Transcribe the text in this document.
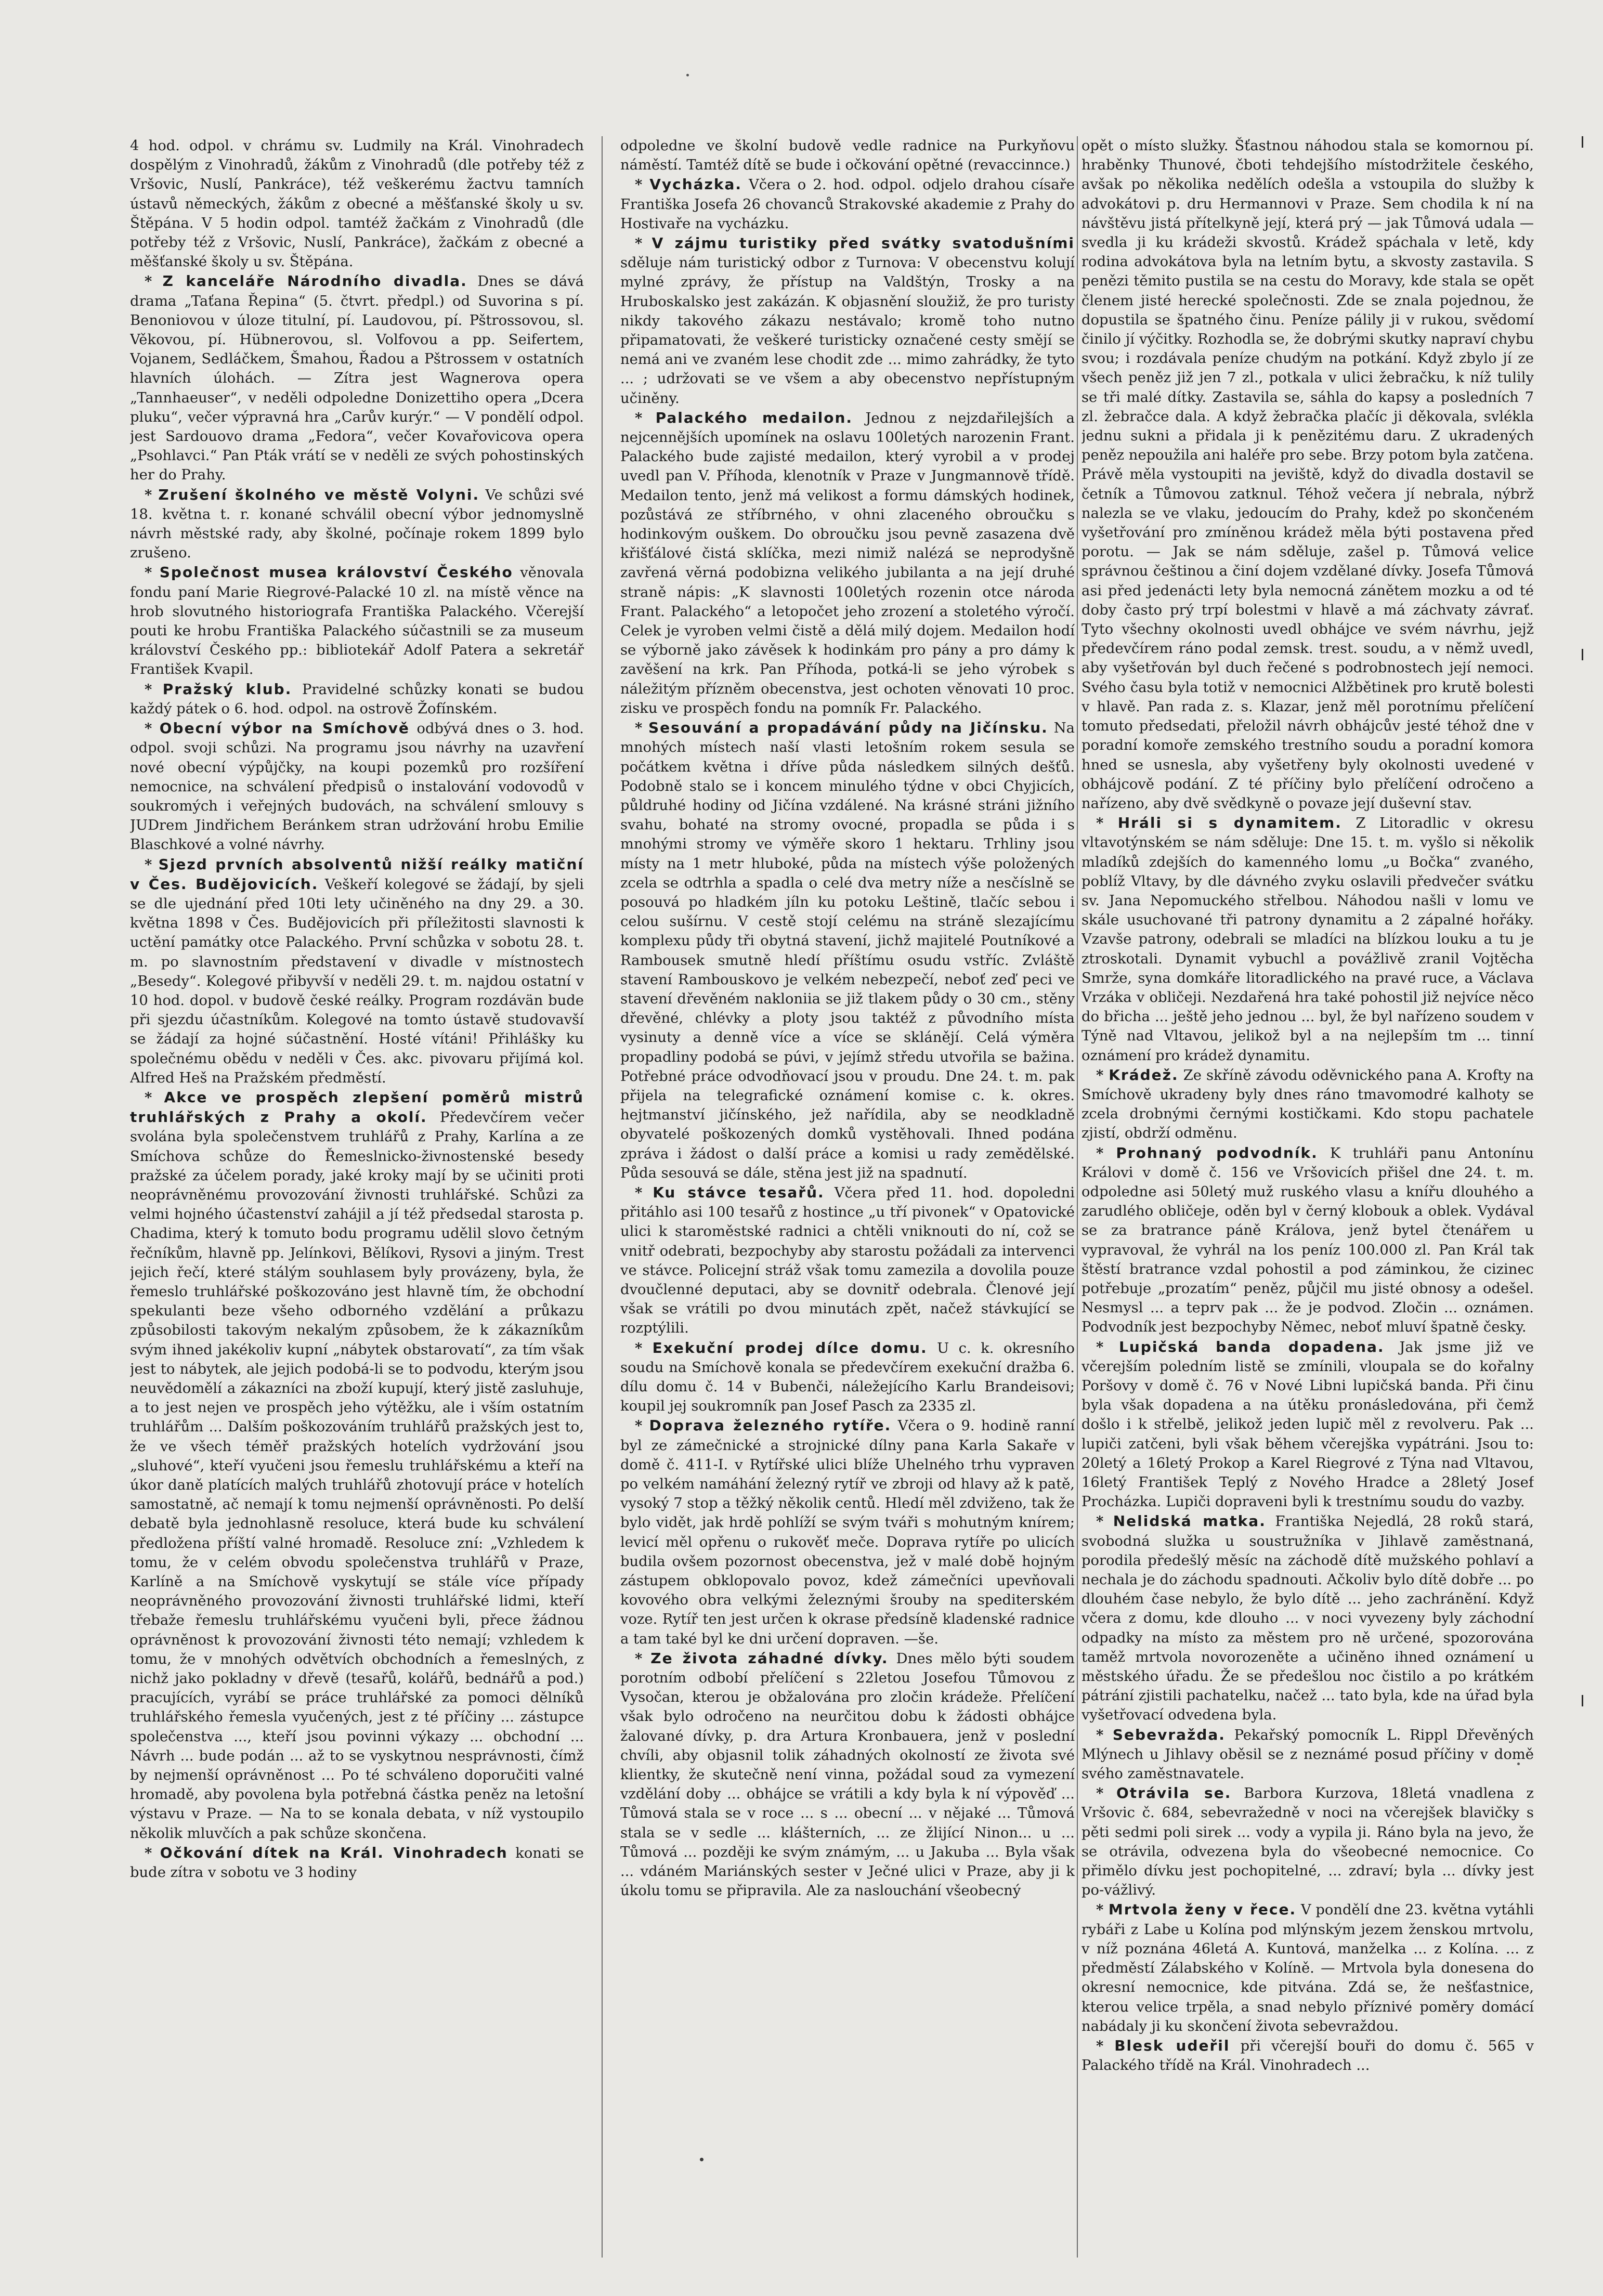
4 hod. odpol. v chrámu sv. Ludmily na Král. Vinohradech dospělým z Vinohradů, žákům z Vinohradů (dle potřeby též z Vršovic, Nuslí, Pankráce), též veškerému žactvu tamních ústavů německých, žákům z obecné a měšťanské školy u sv. Štěpána. V 5 hodin odpol. tamtéž žačkám z Vinohradů (dle potřeby též z Vršovic, Nuslí, Pankráce), žačkám z obecné a měšťanské školy u sv. Štěpána.

* Z kanceláře Národního divadla. Dnes se dává drama „Taťana Řepina“ (5. čtvrt. předpl.) od Suvorina s pí. Benoniovou v úloze titulní, pí. Laudovou, pí. Pštrossovou, sl. Věkovou, pí. Hübnerovou, sl. Volfovou a pp. Seifertem, Vojanem, Sedláčkem, Šmahou, Řadou a Pštrossem v ostatních hlavních úlohách. — Zítra jest Wagnerova opera „Tannhaeuser“, v neděli odpoledne Donizettiho opera „Dcera pluku“, večer výpravná hra „Carův kurýr.“ — V pondělí odpol. jest Sardouovo drama „Fedora“, večer Kovařovicova opera „Psohlavci.“ Pan Pták vrátí se v neděli ze svých pohostinských her do Prahy.

* Zrušení školného ve městě Volyni. Ve schůzi své 18. května t. r. konané schválil obecní výbor jednomyslně návrh městské rady, aby školné, počínaje rokem 1899 bylo zrušeno.

* Společnost musea království Českého věnovala fondu paní Marie Riegrové-Palacké 10 zl. na místě věnce na hrob slovutného historiografa Františka Palackého. Včerejší pouti ke hrobu Františka Palackého súčastnili se za museum království Českého pp.: bibliotekář Adolf Patera a sekretář František Kvapil.

* Pražský klub. Pravidelné schůzky konati se budou každý pátek o 6. hod. odpol. na ostrově Žofínském.

* Obecní výbor na Smíchově odbývá dnes o 3. hod. odpol. svoji schůzi. Na programu jsou návrhy na uzavření nové obecní výpůjčky, na koupi pozemků pro rozšíření nemocnice, na schválení předpisů o instalování vodovodů v soukromých i veřejných budovách, na schválení smlouvy s JUDrem Jindřichem Beránkem stran udržování hrobu Emilie Blaschkové a volné návrhy.

* Sjezd prvních absolventů nižší reálky matiční v Čes. Budějovicích. Veškeří kolegové se žádají, by sjeli se dle ujednání před 10ti lety učiněného na dny 29. a 30. května 1898 v Čes. Budějovicích při příležitosti slavnosti k uctění památky otce Palackého. První schůzka v sobotu 28. t. m. po slavnostním představení v divadle v místnostech „Besedy“. Kolegové přibyvší v neděli 29. t. m. najdou ostatní v 10 hod. dopol. v budově české reálky. Program rozdávän bude při sjezdu účastníkům. Kolegové na tomto ústavě studovavší se žádají za hojné súčastnění. Hosté vítáni! Přihlášky ku společnému obědu v neděli v Čes. akc. pivovaru přijímá kol. Alfred Heš na Pražském předměstí.

* Akce ve prospěch zlepšení poměrů mistrů truhlářských z Prahy a okolí. Předevčírem večer svolána byla společenstvem truhlářů z Prahy, Karlína a ze Smíchova schůze do Řemeslnicko-živnostenské besedy pražské za účelem porady, jaké kroky mají by se učiniti proti neoprávněnému provozování živnosti truhlářské. Schůzi za velmi hojného účastenství zahájil a jí též předsedal starosta p. Chadima, který k tomuto bodu programu udělil slovo četným řečníkům, hlavně pp. Jelínkovi, Bělíkovi, Rysovi a jiným. Trest jejich řečí, které stálým souhlasem byly provázeny, byla, že řemeslo truhlářské poškozováno jest hlavně tím, že obchodní spekulanti beze všeho odborného vzdělání a průkazu způsobilosti takovým nekalým způsobem, že k zákazníkům svým ihned jakékoliv kupní „nábytek obstarovatí“, za tím však jest to nábytek, ale jejich podobá-li se to podvodu, kterým jsou neuvědomělí a zákazníci na zboží kupují, který jistě zasluhuje, a to jest nejen ve prospěch jeho výtěžku, ale i vším ostatním truhlářům ... Dalším poškozováním truhlářů pražských jest to, že ve všech téměř pražských hotelích vydržování jsou „sluhové“, kteří vyučeni jsou řemeslu truhlářskému a kteří na úkor daně platících malých truhlářů zhotovují práce v hotelích samostatně, ač nemají k tomu nejmenší oprávněnosti. Po delší debatě byla jednohlasně resoluce, která bude ku schválení předložena příští valné hromadě. Resoluce zní: „Vzhledem k tomu, že v celém obvodu společenstva truhlářů v Praze, Karlíně a na Smíchově vyskytují se stále více případy neoprávněného provozování živnosti truhlářské lidmi, kteří třebaže řemeslu truhlářskému vyučeni byli, přece žádnou oprávněnost k provozování živnosti této nemají; vzhledem k tomu, že v mnohých odvětvích obchodních a řemeslných, z nichž jako pokladny v dřevě (tesařů, kolářů, bednářů a pod.) pracujících, vyrábí se práce truhlářské za pomoci dělníků truhlářského řemesla vyučených, jest z té příčiny ... zástupce společenstva ..., kteří jsou povinni výkazy ... obchodní ... Návrh ... bude podán ... až to se vyskytnou nesprávnosti, čímž by nejmenší oprávněnost ... Po té schváleno doporučiti valné hromadě, aby povolena byla potřebná částka peněz na letošní výstavu v Praze. — Na to se konala debata, v níž vystoupilo několik mluvčích a pak schůze skončena.

* Očkování dítek na Král. Vinohradech konati se bude zítra v sobotu ve 3 hodiny

odpoledne ve školní budově vedle radnice na Purkyňovu náměstí. Tamtéž dítě se bude i očkování opětné (revaccinnce.)

* Vycházka. Včera o 2. hod. odpol. odjelo drahou císaře Františka Josefa 26 chovanců Strakovské akademie z Prahy do Hostivaře na vycházku.

* V zájmu turistiky před svátky svatodušními sděluje nám turistický odbor z Turnova: V obecenstvu kolují mylné zprávy, že přístup na Valdštýn, Trosky a na Hruboskalsko jest zakázán. K objasnění sloužiž, že pro turisty nikdy takového zákazu nestávalo; kromě toho nutno připamatovati, že veškeré turisticky označené cesty smějí se nemá ani ve zvaném lese chodit zde ... mimo zahrádky, že tyto ... ; udržovati se ve všem a aby obecenstvo nepřístupným učiněny.

* Palackého medailon. Jednou z nejzdařilejších a nejcennějších upomínek na oslavu 100letých narozenin Frant. Palackého bude zajisté medailon, který vyrobil a v prodej uvedl pan V. Příhoda, klenotník v Praze v Jungmannově třídě. Medailon tento, jenž má velikost a formu dámských hodinek, pozůstává ze stříbrného, v ohni zlaceného obroučku s hodinkovým ouškem. Do obroučku jsou pevně zasazena dvě křišťálové čistá sklíčka, mezi nimiž nalézá se neprodyšně zavřená věrná podobizna velikého jubilanta a na její druhé straně nápis: „K slavnosti 100letých rozenin otce národa Frant. Palackého“ a letopočet jeho zrození a stoletého výročí. Celek je vyroben velmi čistě a dělá milý dojem. Medailon hodí se výborně jako závěsek k hodinkám pro pány a pro dámy k zavěšení na krk. Pan Příhoda, potká-li se jeho výrobek s náležitým přízněm obecenstva, jest ochoten věnovati 10 proc. zisku ve prospěch fondu na pomník Fr. Palackého.

* Sesouvání a propadávání půdy na Jičínsku. Na mnohých místech naší vlasti letošním rokem sesula se počátkem května i dříve půda následkem silných dešťů. Podobně stalo se i koncem minulého týdne v obci Chyjicích, půldruhé hodiny od Jičína vzdálené. Na krásné stráni jižního svahu, bohaté na stromy ovocné, propadla se půda i s mnohými stromy ve výměře skoro 1 hektaru. Trhliny jsou místy na 1 metr hluboké, půda na místech výše položených zcela se odtrhla a spadla o celé dva metry níže a nesčíslně se posouvá po hladkém jíln ku potoku Leštině, tlačíc sebou i celou sušírnu. V cestě stojí celému na stráně slezajícímu komplexu půdy tři obytná stavení, jichž majitelé Poutníkové a Rambousek smutně hledí příštímu osudu vstříc. Zvláště stavení Rambouskovo je velkém nebezpečí, neboť zeď peci ve stavení dřevěném nakloniia se již tlakem půdy o 30 cm., stěny dřevěné, chlévky a ploty jsou taktéž z původního místa vysinuty a denně více a více se sklánějí. Celá výměra propadliny podobá se púvi, v jejímž středu utvořila se bažina. Potřebné práce odvodňovací jsou v proudu. Dne 24. t. m. pak přijela na telegrafické oznámení komise c. k. okres. hejtmanství jičínského, jež nařídila, aby se neodkladně obyvatelé poškozených domků vystěhovali. Ihned podána zpráva i žádost o další práce a komisi u rady zemědělské. Půda sesouvá se dále, stěna jest již na spadnutí.

* Ku stávce tesařů. Včera před 11. hod. dopoledni přitáhlo asi 100 tesařů z hostince „u tří pivonek“ v Opatovické ulici k staroměstské radnici a chtěli vniknouti do ní, což se vnitř odebrati, bezpochyby aby starostu požádali za intervenci ve stávce. Policejní stráž však tomu zamezila a dovolila pouze dvoučlenné deputaci, aby se dovnitř odebrala. Členové její však se vrátili po dvou minutách zpět, načež stávkující se rozptýlili.

* Exekuční prodej dílce domu. U c. k. okresního soudu na Smíchově konala se předevčírem exekuční dražba 6. dílu domu č. 14 v Bubenči, náležejícího Karlu Brandeisovi; koupil jej soukromník pan Josef Pasch za 2335 zl.

* Doprava železného rytíře. Včera o 9. hodině ranní byl ze zámečnické a strojnické dílny pana Karla Sakaře v domě č. 411-I. v Rytířské ulici blíže Uhelného trhu vypraven po velkém namáhání železný rytíř ve zbroji od hlavy až k patě, vysoký 7 stop a těžký několik centů. Hledí měl zdviženo, tak že bylo vidět, jak hrdě pohlíží se svým tváři s mohutným knírem; levicí měl opřenu o rukověť meče. Doprava rytíře po ulicích budila ovšem pozornost obecenstva, jež v malé době hojným zástupem obklopovalo povoz, kdež zámečníci upevňovali kovového obra velkými železnými šrouby na spediterském voze. Rytíř ten jest určen k okrase předsíně kladenské radnice a tam také byl ke dni určení dopraven. —še.

* Ze života záhadné dívky. Dnes mělo býti soudem porotním odbobí přelíčení s 22letou Josefou Tůmovou z Vysočan, kterou je obžalována pro zločin krádeže. Přelíčení však bylo odročeno na neurčitou dobu k žádosti obhájce žalované dívky, p. dra Artura Kronbauera, jenž v poslední chvíli, aby objasnil tolik záhadných okolností ze života své klientky, že skutečně není vinna, požádal soud za vymezení vzdělání doby ... obhájce se vrátili a kdy byla k ní výpověď ... Tůmová stala se v roce ... s ... obecní ... v nějaké ... Tůmová stala se v sedle ... klášterních, ... ze žlijící Ninon... u ... Tůmová ... později ke svým známým, ... u Jakuba ... Byla však ... vdáném Mariánských sester v Ječné ulici v Praze, aby ji k úkolu tomu se připravila. Ale za naslouchání všeobecný

opět o místo služky. Šťastnou náhodou stala se komornou pí. hraběnky Thunové, čboti tehdejšího místodržitele českého, avšak po několika nedělích odešla a vstoupila do služby k advokátovi p. dru Hermannovi v Praze. Sem chodila k ní na návštěvu jistá přítelkyně její, která prý — jak Tůmová udala — svedla ji ku krádeži skvostů. Krádež spáchala v letě, kdy rodina advokátova byla na letním bytu, a skvosty zastavila. S penězi těmito pustila se na cestu do Moravy, kde stala se opět členem jisté herecké společnosti. Zde se znala pojednou, že dopustila se špatného činu. Peníze pálily ji v rukou, svědomí činilo jí výčitky. Rozhodla se, že dobrými skutky napraví chybu svou; i rozdávala peníze chudým na potkání. Když zbylo jí ze všech peněz již jen 7 zl., potkala v ulici žebračku, k níž tulily se tři malé dítky. Zastavila se, sáhla do kapsy a posledních 7 zl. žebračce dala. A když žebračka plačíc ji děkovala, svlékla jednu sukni a přidala ji k penězitému daru. Z ukradených peněz nepoužila ani haléře pro sebe. Brzy potom byla zatčena. Právě měla vystoupiti na jeviště, když do divadla dostavil se četník a Tůmovou zatknul. Téhož večera jí nebrala, nýbrž nalezla se ve vlaku, jedoucím do Prahy, kdež po skončeném vyšetřování pro zmíněnou krádež měla býti postavena před porotu. — Jak se nám sděluje, zašel p. Tůmová velice správnou češtinou a činí dojem vzdělané dívky. Josefa Tůmová asi před jedenácti lety byla nemocná zánětem mozku a od té doby často prý trpí bolestmi v hlavě a má záchvaty závrať. Tyto všechny okolnosti uvedl obhájce ve svém návrhu, jejž předevčírem ráno podal zemsk. trest. soudu, a v němž uvedl, aby vyšetřován byl duch řečené s podrobnostech její nemoci. Svého času byla totiž v nemocnici Alžbětinek pro krutě bolesti v hlavě. Pan rada z. s. Klazar, jenž měl porotnímu přelíčení tomuto předsedati, přeložil návrh obhájcův jesté téhož dne v poradní komoře zemského trestního soudu a poradní komora hned se usnesla, aby vyšetřeny byly okolnosti uvedené v obhájcově podání. Z té příčiny bylo přelíčení odročeno a nařízeno, aby dvě svědkyně o povaze její duševní stav.

* Hráli si s dynamitem. Z Litoradlic v okresu vltavotýnském se nám sděluje: Dne 15. t. m. vyšlo si několik mladíků zdejších do kamenného lomu „u Bočka“ zvaného, poblíž Vltavy, by dle dávného zvyku oslavili předvečer svátku sv. Jana Nepomuckého střelbou. Náhodou našli v lomu ve skále usuchované tři patrony dynamitu a 2 zápalné hořáky. Vzavše patrony, odebrali se mladíci na blízkou louku a tu je ztroskotali. Dynamit vybuchl a povážlivě zranil Vojtěcha Smrže, syna domkáře litoradlického na pravé ruce, a Václava Vrzáka v obličeji. Nezdařená hra také pohostil již nejvíce něco do břicha ... ještě jeho jednou ... byl, že byl nařízeno soudem v Týně nad Vltavou, jelikož byl a na nejlepším tm ... tinní oznámení pro krádež dynamitu.

* Krádež. Ze skříně závodu oděvnického pana A. Krofty na Smíchově ukradeny byly dnes ráno tmavomodré kalhoty se zcela drobnými černými kostičkami. Kdo stopu pachatele zjistí, obdrží odměnu.

* Prohnaný podvodník. K truhláři panu Antonínu Královi v domě č. 156 ve Vršovicích přišel dne 24. t. m. odpoledne asi 50letý muž ruského vlasu a knířu dlouhého a zarudlého obličeje, oděn byl v černý klobouk a oblek. Vydával se za bratrance páně Králova, jenž bytel čtenářem u vypravoval, že vyhrál na los peníz 100.000 zl. Pan Král tak štěstí bratrance vzdal pohostil a pod záminkou, že cizinec potřebuje „prozatím“ peněz, půjčil mu jisté obnosy a odešel. Nesmysl ... a teprv pak ... že je podvod. Zločin ... oznámen. Podvodník jest bezpochyby Němec, neboť mluví špatně česky.

* Lupičská banda dopadena. Jak jsme již ve včerejším poledním listě se zmínili, vloupala se do kořalny Poršovy v domě č. 76 v Nové Libni lupičská banda. Při činu byla však dopadena a na útěku pronásledována, při čemž došlo i k střelbě, jelikož jeden lupič měl z revolveru. Pak ... lupiči zatčeni, byli však během včerejška vypátráni. Jsou to: 20letý a 16letý Prokop a Karel Riegrové z Týna nad Vltavou, 16letý František Teplý z Nového Hradce a 28letý Josef Procházka. Lupiči dopraveni byli k trestnímu soudu do vazby.

* Nelidská matka. Františka Nejedlá, 28 roků stará, svobodná služka u soustružníka v Jihlavě zaměstnaná, porodila předešlý měsíc na záchodě dítě mužského pohlaví a nechala je do záchodu spadnouti. Ačkoliv bylo dítě dobře ... po dlouhém čase nebylo, že bylo dítě ... jeho zachránění. Když včera z domu, kde dlouho ... v noci vyvezeny byly záchodní odpadky na místo za městem pro ně určené, spozorována taměž mrtvola novorozeněte a učiněno ihned oznámení u městského úřadu. Že se předešlou noc čistilo a po krátkém pátrání zjistili pachatelku, načež ... tato byla, kde na úřad byla vyšetřovací odvedena byla.

* Sebevražda. Pekařský pomocník L. Rippl Dřevěných Mlýnech u Jihlavy oběsil se z neznámé posud příčiny v domě svého zaměstnavatele.

* Otrávila se. Barbora Kurzova, 18letá vnadlena z Vršovic č. 684, sebevražedně v noci na včerejšek blavičky s pěti sedmi poli sirek ... vody a vypila ji. Ráno byla na jevo, že se otrávila, odvezena byla do všeobecné nemocnice. Co přimělo dívku jest pochopitelné, ... zdraví; byla ... dívky jest po-vážlivý.

* Mrtvola ženy v řece. V pondělí dne 23. května vytáhli rybáři z Labe u Kolína pod mlýnským jezem ženskou mrtvolu, v níž poznána 46letá A. Kuntová, manželka ... z Kolína. ... z předměstí Zálabského v Kolíně. — Mrtvola byla donesena do okresní nemocnice, kde pitvána. Zdá se, že nešťastnice, kterou velice trpěla, a snad nebylo příznivé poměry domácí nabádaly ji ku skončení života sebevraždou.

* Blesk udeřil při včerejší bouři do domu č. 565 v Palackého třídě na Král. Vinohradech ...
